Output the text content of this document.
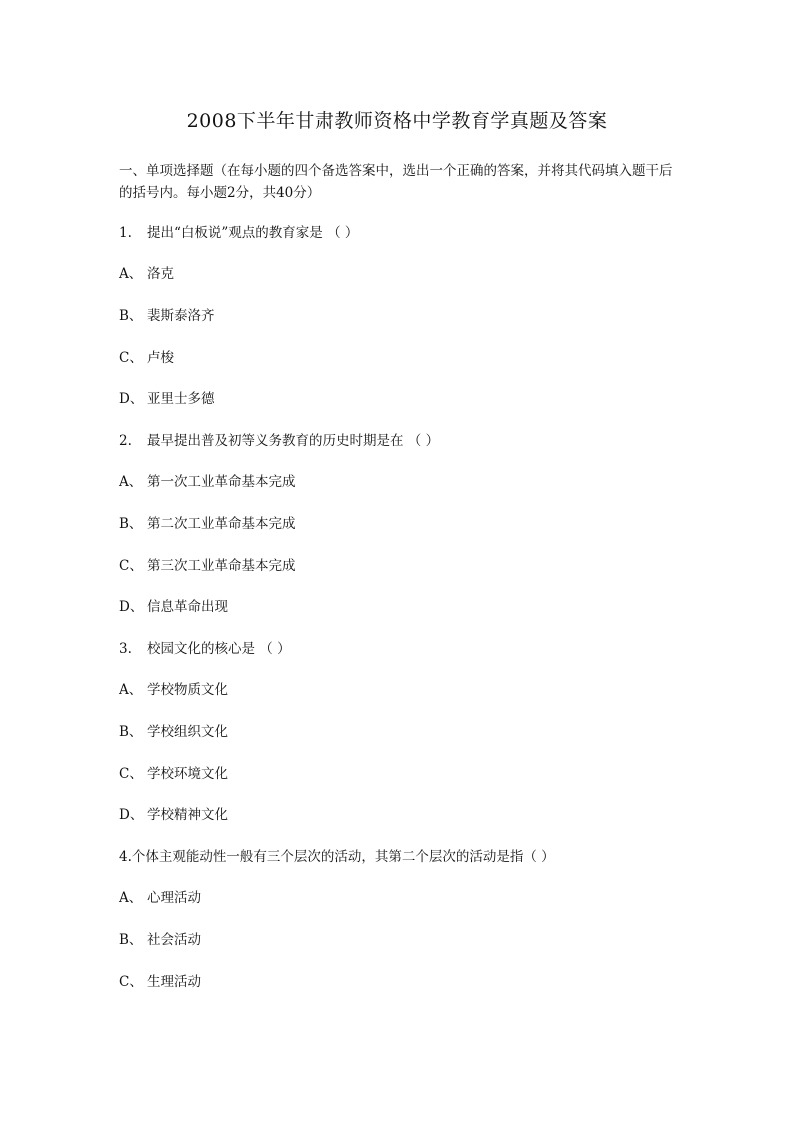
2008下半年甘肃教师资格中学教育学真题及答案
一、单项选择题（在每小题的四个备选答案中，选出一个正确的答案，并将其代码填入题干后的括号内。每小题2分，共40分）
1. 提出“白板说”观点的教育家是 （ ）
A、 洛克
B、 裴斯泰洛齐
C、 卢梭
D、 亚里士多德
2. 最早提出普及初等义务教育的历史时期是在 （ ）
A、 第一次工业革命基本完成
B、 第二次工业革命基本完成
C、 第三次工业革命基本完成
D、 信息革命出现
3. 校园文化的核心是 （ ）
A、 学校物质文化
B、 学校组织文化
C、 学校环境文化
D、 学校精神文化
4.个体主观能动性一般有三个层次的活动，其第二个层次的活动是指（ ）
A、 心理活动
B、 社会活动
C、 生理活动
